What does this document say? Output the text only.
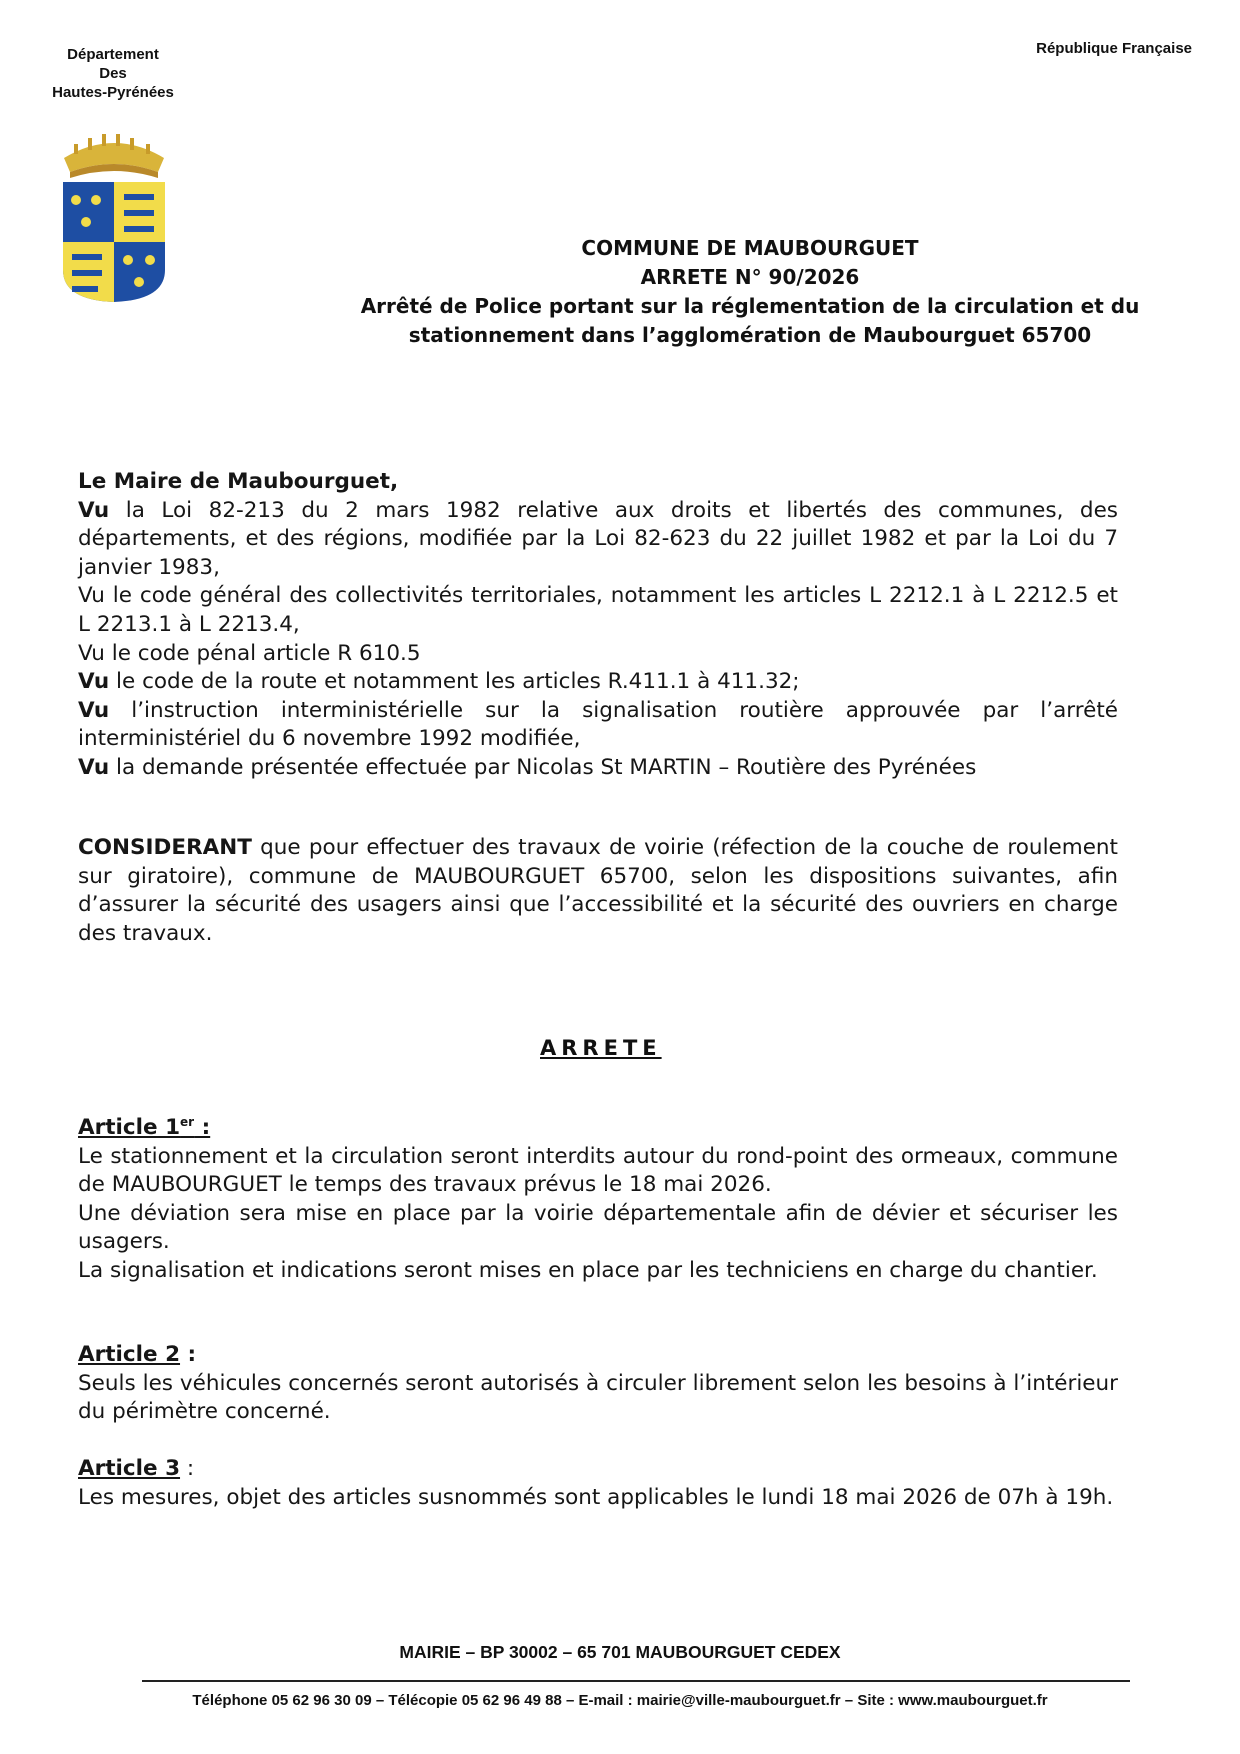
Département
Des
Hautes-Pyrénées
République Française
COMMUNE DE MAUBOURGUET
ARRETE N° 90/2026
Arrêté de Police portant sur la réglementation de la circulation et du
stationnement dans l’agglomération de Maubourguet 65700

Le Maire de Maubourguet,

Vu la Loi 82-213 du 2 mars 1982 relative aux droits et libertés des communes, des départements, et des régions, modifiée par la Loi 82-623 du 22 juillet 1982 et par la Loi du 7 janvier 1983,

Vu le code général des collectivités territoriales, notamment les articles L 2212.1 à L 2212.5 et L 2213.1 à L 2213.4,

Vu le code pénal article R 610.5

Vu le code de la route et notamment les articles R.411.1 à 411.32;

Vu l’instruction interministérielle sur la signalisation routière approuvée par l’arrêté interministériel du 6 novembre 1992 modifiée,

Vu la demande présentée effectuée par Nicolas St MARTIN – Routière des Pyrénées

CONSIDERANT que pour effectuer des travaux de voirie (réfection de la couche de roulement sur giratoire), commune de MAUBOURGUET 65700, selon les dispositions suivantes, afin d’assurer la sécurité des usagers ainsi que l’accessibilité et la sécurité des ouvriers en charge des travaux.

ARRETE

Article 1er :

Le stationnement et la circulation seront interdits autour du rond-point des ormeaux, commune de MAUBOURGUET le temps des travaux prévus le 18 mai 2026.

Une déviation sera mise en place par la voirie départementale afin de dévier et sécuriser les usagers.

La signalisation et indications seront mises en place par les techniciens en charge du chantier.

Article 2 :

Seuls les véhicules concernés seront autorisés à circuler librement selon les besoins à l’intérieur du périmètre concerné.

Article 3 :

Les mesures, objet des articles susnommés sont applicables le lundi 18 mai 2026 de 07h à 19h.

MAIRIE – BP 30002 – 65 701 MAUBOURGUET CEDEX
Téléphone 05 62 96 30 09 – Télécopie 05 62 96 49 88 – E-mail : mairie@ville-maubourguet.fr – Site : www.maubourguet.fr
